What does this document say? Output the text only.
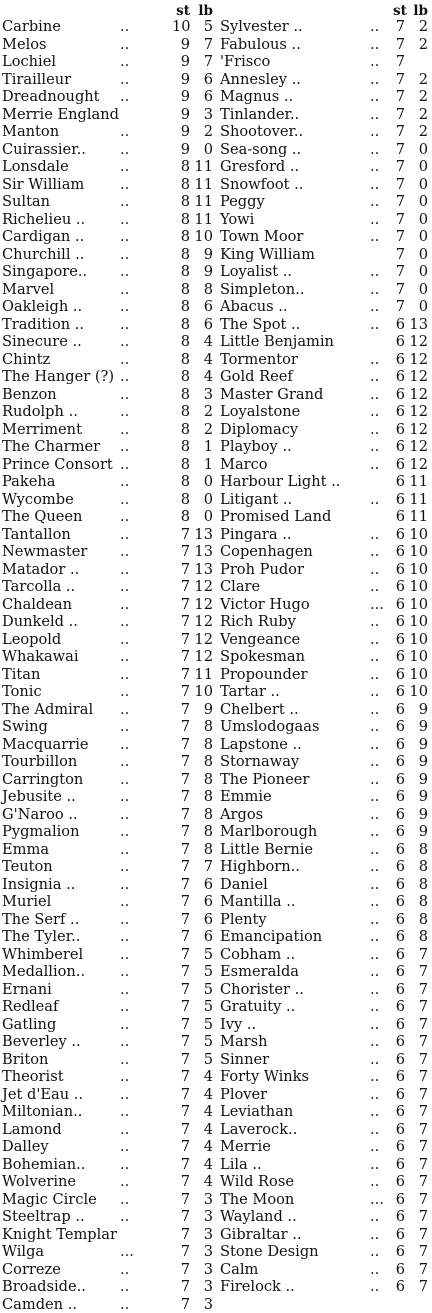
st lb
Carbine	..	10 5
Melos	..	9 7
Lochiel	..	9 7
Tirailleur	..	9 6
Dreadnought ..	9 6
Merrie England	9 3
Manton	..	9 2
Cuirassier.. ..	9 0
Lonsdale	..	8 11
Sir William ..	8 11
Sultan	..	8 11
Richelieu .. ..	8 11
Cardigan .. ..	8 10
Churchill .. ..	8 9
Singapore.. ..	8 9
Marvel	..	8 8
Oakleigh ..	..	8 6
Tradition .. ..	8 6
Sinecure ..	..	8 4
Chintz	..	8 4
The Hanger (?) ..	8 4
Benzon	..	8 3
Rudolph ..	..	8 2
Merriment	..	8 2
The Charmer ..	8 1
Prince Consort ..	8 1
Pakeha	..	8 0
Wycombe	..	8 0
The Queen	..	8 0
Tantallon	..	7 13
Newmaster ..	7 13
Matador ..	..	7 13
Tarcolla ..	..	7 12
Chaldean	..	7 12
Dunkeld ..	..	7 12
Leopold	..	7 12
Whakawai	..	7 12
Titan	..	7 11
Tonic	..	7 10
The Admiral ..	7 9
Swing	..	7 8
Macquarrie ..	7 8
Tourbillon	..	7 8
Carrington	..	7 8
Jebusite ..	..	7 8
G'Naroo ..	..	7 8
Pygmalion	..	7 8
Emma	..	7 8
Teuton	..	7 7
Insignia ..	..	7 6
Muriel	..	7 6
The Serf ..	..	7 6
The Tyler..	..	7 6
Whimberel	..	7 5
Medallion.. ..	7 5
Ernani	..	7 5
Redleaf	..	7 5
Gatling	..	7 5
Beverley ..	..	7 5
Briton	..	7 5
Theorist	..	7 4
Jet d'Eau ..	..	7 4
Miltonian..	..	7 4
Lamond	..	7 4
Dalley	..	7 4
Bohemian.. ..	7 4
Wolverine	..	7 4
Magic Circle ..	7 3
Steeltrap .. ..	7 3
Knight Templar	7 3
Wilga	...	7 3
Correze	..	7 3
Broadside.. ..	7 3
Camden ..	..	7 3
st lb
Sylvester ..	.. 7 2
Fabulous ..	.. 7 2
'Frisco	.. 7
Annesley ..	.. 7 2
Magnus ..	.. 7 2
Tinlander..	.. 7 2
Shootover..	.. 7 2
Sea-song ..	.. 7 0
Gresford ..	.. 7 0
Snowfoot ..	.. 7 0
Peggy	.. 7 0
Yowi	.. 7 0
Town Moor	.. 7 0
King William	7 0
Loyalist ..	.. 7 0
Simpleton..	.. 7 0
Abacus ..	.. 7 0
The Spot ..	.. 6 13
Little Benjamin	6 12
Tormentor	.. 6 12
Gold Reef	.. 6 12
Master Grand	.. 6 12
Loyalstone	.. 6 12
Diplomacy	.. 6 12
Playboy ..	.. 6 12
Marco	.. 6 12
Harbour Light ..	6 11
Litigant ..	.. 6 11
Promised Land	6 11
Pingara ..	.. 6 10
Copenhagen	.. 6 10
Proh Pudor	.. 6 10
Clare	.. 6 10
Victor Hugo	... 6 10
Rich Ruby	.. 6 10
Vengeance	.. 6 10
Spokesman	.. 6 10
Propounder	.. 6 10
Tartar ..	.. 6 10
Chelbert ..	.. 6 9
Umslodogaas	.. 6 9
Lapstone ..	.. 6 9
Stornaway	.. 6 9
The Pioneer	.. 6 9
Emmie	.. 6 9
Argos	.. 6 9
Marlborough	.. 6 9
Little Bernie	.. 6 8
Highborn..	.. 6 8
Daniel	.. 6 8
Mantilla ..	.. 6 8
Plenty	.. 6 8
Emancipation	.. 6 8
Cobham ..	.. 6 7
Esmeralda	.. 6 7
Chorister ..	.. 6 7
Gratuity ..	.. 6 7
Ivy ..	.. 6 7
Marsh	.. 6 7
Sinner	.. 6 7
Forty Winks	.. 6 7
Plover	.. 6 7
Leviathan	.. 6 7
Laverock..	.. 6 7
Merrie	.. 6 7
Lila ..	.. 6 7
Wild Rose	.. 6 7
The Moon	... 6 7
Wayland ..	.. 6 7
Gibraltar ..	.. 6 7
Stone Design	.. 6 7
Calm	.. 6 7
Firelock ..	.. 6 7
